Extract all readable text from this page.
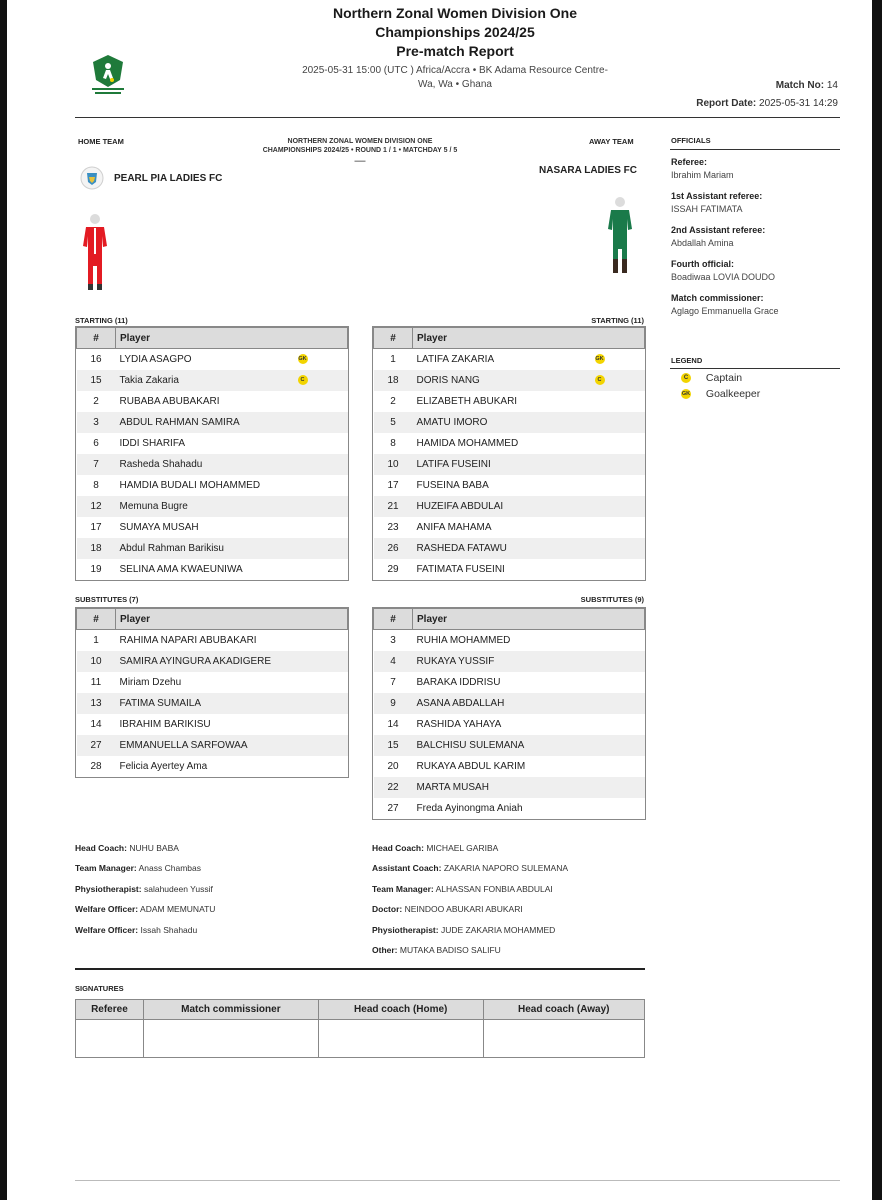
Northern Zonal Women Division One
Championships 2024/25
Pre-match Report
2025-05-31 15:00 (UTC ) Africa/Accra • BK Adama Resource Centre-
Wa, Wa • Ghana	Match No: 14
Report Date: 2025-05-31 14:29
HOME TEAM	AWAY TEAM
NORTHERN ZONAL WOMEN DIVISION ONE
CHAMPIONSHIPS 2024/25 • ROUND 1 / 1 • MATCHDAY 5 / 5
—
PEARL PIA LADIES FC
NASARA LADIES FC
OFFICIALS
Referee:
Ibrahim Mariam
1st Assistant referee:
ISSAH FATIMATA
2nd Assistant referee:
Abdallah Amina
Fourth official:
Boadiwaa LOVIA DOUDO
Match commissioner:
Aglago Emmanuella Grace
LEGEND
C Captain
GK Goalkeeper
STARTING (11)	STARTING (11)
#	Player
16	LYDIA ASAGPO GK

15	Takia Zakaria C

2	RUBABA ABUBAKARI
3	ABDUL RAHMAN SAMIRA
6	IDDI SHARIFA
7	Rasheda Shahadu
8	HAMDIA BUDALI MOHAMMED
12	Memuna Bugre
17	SUMAYA MUSAH
18	Abdul Rahman Barikisu
19	SELINA AMA KWAEUNIWA
#	Player
1	LATIFA ZAKARIA GK

18	DORIS NANG C

2	ELIZABETH ABUKARI
5	AMATU IMORO
8	HAMIDA MOHAMMED
10	LATIFA FUSEINI
17	FUSEINA BABA
21	HUZEIFA ABDULAI
23	ANIFA MAHAMA
26	RASHEDA FATAWU
29	FATIMATA FUSEINI
SUBSTITUTES (7)	SUBSTITUTES (9)
#	Player
1	RAHIMA NAPARI ABUBAKARI
10	SAMIRA AYINGURA AKADIGERE
11	Miriam Dzehu
13	FATIMA SUMAILA
14	IBRAHIM BARIKISU
27	EMMANUELLA SARFOWAA
28	Felicia Ayertey Ama
#	Player
3	RUHIA MOHAMMED
4	RUKAYA YUSSIF
7	BARAKA IDDRISU
9	ASANA ABDALLAH
14	RASHIDA YAHAYA
15	BALCHISU SULEMANA
20	RUKAYA ABDUL KARIM
22	MARTA MUSAH
27	Freda Ayinongma Aniah
Head Coach: NUHU BABA
Team Manager: Anass Chambas
Physiotherapist: salahudeen Yussif
Welfare Officer: ADAM MEMUNATU
Welfare Officer: Issah Shahadu
Head Coach: MICHAEL GARIBA
Assistant Coach: ZAKARIA NAPORO SULEMANA
Team Manager: ALHASSAN FONBIA ABDULAI
Doctor: NEINDOO ABUKARI ABUKARI
Physiotherapist: JUDE ZAKARIA MOHAMMED
Other: MUTAKA BADISO SALIFU
SIGNATURES
Referee	Match commissioner	Head coach (Home)	Head coach (Away)
